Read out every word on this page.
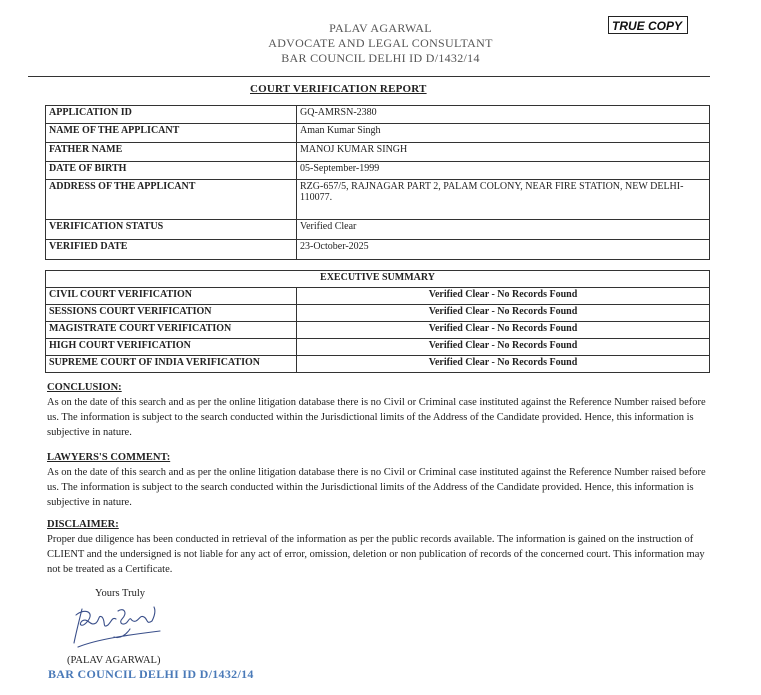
PALAV AGARWAL
ADVOCATE AND LEGAL CONSULTANT
BAR COUNCIL DELHI ID D/1432/14
TRUE COPY
COURT VERIFICATION REPORT
APPLICATION ID	GQ-AMRSN-2380
NAME OF THE APPLICANT	Aman Kumar Singh
FATHER NAME	MANOJ KUMAR SINGH
DATE OF BIRTH	05-September-1999
ADDRESS OF THE APPLICANT	RZG-657/5, RAJNAGAR PART 2, PALAM COLONY, NEAR FIRE STATION, NEW DELHI-110077.
VERIFICATION STATUS	Verified Clear
VERIFIED DATE	23-October-2025
EXECUTIVE SUMMARY	
CIVIL COURT VERIFICATION	Verified Clear - No Records Found
SESSIONS COURT VERIFICATION	Verified Clear - No Records Found
MAGISTRATE COURT VERIFICATION	Verified Clear - No Records Found
HIGH COURT VERIFICATION	Verified Clear - No Records Found
SUPREME COURT OF INDIA VERIFICATION	Verified Clear - No Records Found
CONCLUSION:
As on the date of this search and as per the online litigation database there is no Civil or Criminal case instituted against the Reference Number raised before us. The information is subject to the search conducted within the Jurisdictional limits of the Address of the Candidate provided. Hence, this information is subjective in nature.
LAWYERS'S COMMENT:
As on the date of this search and as per the online litigation database there is no Civil or Criminal case instituted against the Reference Number raised before us. The information is subject to the search conducted within the Jurisdictional limits of the Address of the Candidate provided. Hence, this information is subjective in nature.
DISCLAIMER:
Proper due diligence has been conducted in retrieval of the information as per the public records available. The information is gained on the instruction of CLIENT and the undersigned is not liable for any act of error, omission, deletion or non publication of records of the concerned court. This information may not be treated as a Certificate.
Yours Truly
(PALAV AGARWAL)
BAR COUNCIL DELHI ID D/1432/14
